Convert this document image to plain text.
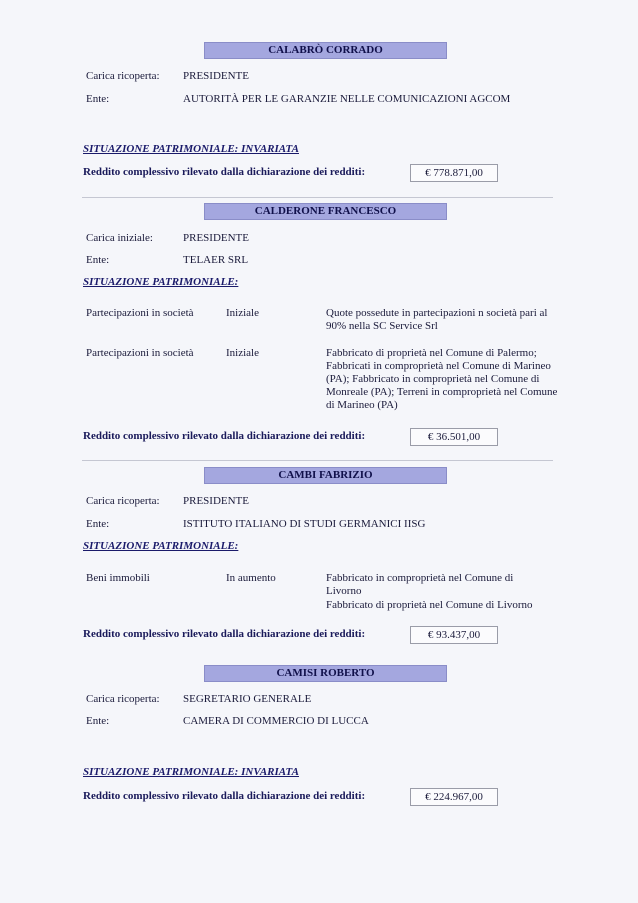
CALABRÒ CORRADO
Carica ricoperta: PRESIDENTE
Ente:	AUTORITÀ PER LE GARANZIE NELLE COMUNICAZIONI AGCOM
SITUAZIONE PATRIMONIALE: INVARIATA
Reddito complessivo rilevato dalla dichiarazione dei redditi:	€ 778.871,00
CALDERONE FRANCESCO
Carica iniziale:	PRESIDENTE
Ente:	TELAER SRL
SITUAZIONE PATRIMONIALE:
Partecipazioni in società	Iniziale	Quote possedute in partecipazioni n società pari al 90% nella SC Service Srl
Partecipazioni in società	Iniziale	Fabbricato di proprietà nel Comune di Palermo; Fabbricati in comproprietà nel Comune di Marineo (PA); Fabbricato in comproprietà nel Comune di Monreale (PA); Terreni in comproprietà nel Comune di Marineo (PA)
Reddito complessivo rilevato dalla dichiarazione dei redditi:	€ 36.501,00
CAMBI FABRIZIO
Carica ricoperta: PRESIDENTE
Ente:	ISTITUTO ITALIANO DI STUDI GERMANICI IISG
SITUAZIONE PATRIMONIALE:
Beni immobili	In aumento	Fabbricato in comproprietà nel Comune di Livorno
Fabbricato di proprietà nel Comune di Livorno
Reddito complessivo rilevato dalla dichiarazione dei redditi:	€ 93.437,00
CAMISI ROBERTO
Carica ricoperta: SEGRETARIO GENERALE
Ente:	CAMERA DI COMMERCIO DI LUCCA
SITUAZIONE PATRIMONIALE: INVARIATA
Reddito complessivo rilevato dalla dichiarazione dei redditi:	€ 224.967,00
